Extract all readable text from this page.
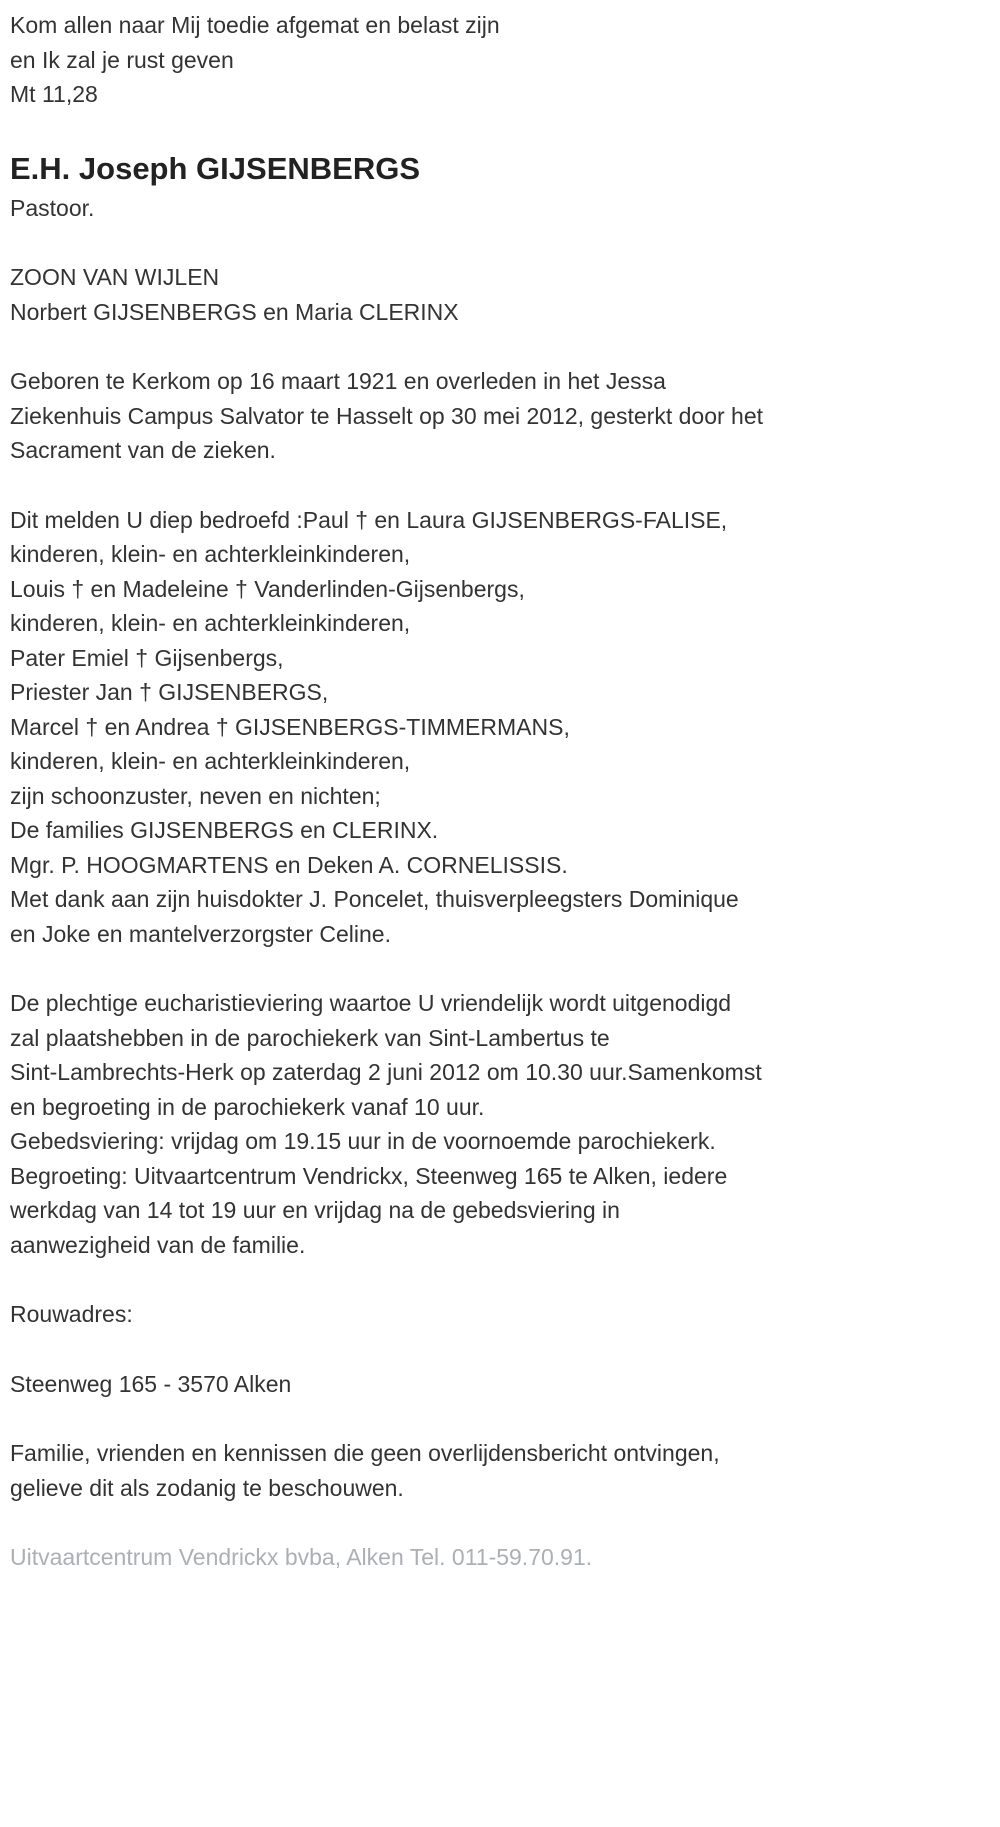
Kom allen naar Mij toedie afgemat en belast zijn
en Ik zal je rust geven
Mt 11,28
E.H. Joseph GIJSENBERGS
Pastoor.
ZOON VAN WIJLEN
Norbert GIJSENBERGS en Maria CLERINX
Geboren te Kerkom op 16 maart 1921 en overleden in het Jessa
Ziekenhuis Campus Salvator te Hasselt op 30 mei 2012, gesterkt door het
Sacrament van de zieken.
Dit melden U diep bedroefd :Paul † en Laura GIJSENBERGS-FALISE,
kinderen, klein- en achterkleinkinderen,
Louis † en Madeleine † Vanderlinden-Gijsenbergs,
kinderen, klein- en achterkleinkinderen,
Pater Emiel † Gijsenbergs,
Priester Jan † GIJSENBERGS,
Marcel † en Andrea † GIJSENBERGS-TIMMERMANS,
kinderen, klein- en achterkleinkinderen,
zijn schoonzuster, neven en nichten;
De families GIJSENBERGS en CLERINX.
Mgr. P. HOOGMARTENS en Deken A. CORNELISSIS.
Met dank aan zijn huisdokter J. Poncelet, thuisverpleegsters Dominique
en Joke en mantelverzorgster Celine.
De plechtige eucharistieviering waartoe U vriendelijk wordt uitgenodigd
zal plaatshebben in de parochiekerk van Sint-Lambertus te
Sint-Lambrechts-Herk op zaterdag 2 juni 2012 om 10.30 uur.Samenkomst
en begroeting in de parochiekerk vanaf 10 uur.
Gebedsviering: vrijdag om 19.15 uur in de voornoemde parochiekerk.
Begroeting: Uitvaartcentrum Vendrickx, Steenweg 165 te Alken, iedere
werkdag van 14 tot 19 uur en vrijdag na de gebedsviering in
aanwezigheid van de familie.
Rouwadres:
Steenweg 165 - 3570 Alken
Familie, vrienden en kennissen die geen overlijdensbericht ontvingen,
gelieve dit als zodanig te beschouwen.
Uitvaartcentrum Vendrickx bvba, Alken Tel. 011-59.70.91.
